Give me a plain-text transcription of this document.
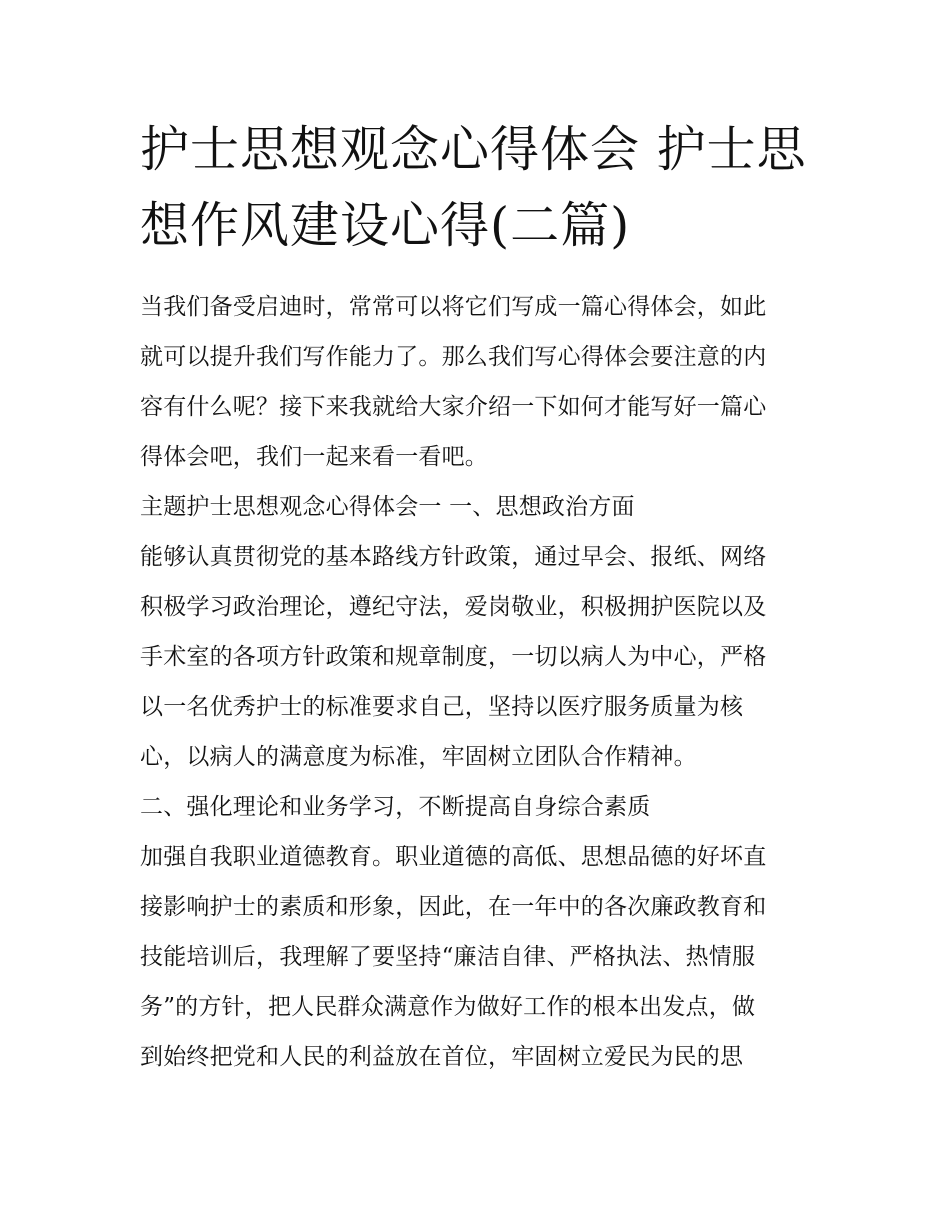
护士思想观念心得体会 护士思
想作风建设心得(二篇)

当我们备受启迪时，常常可以将它们写成一篇心得体会，如此
就可以提升我们写作能力了。那么我们写心得体会要注意的内
容有什么呢？接下来我就给大家介绍一下如何才能写好一篇心
得体会吧，我们一起来看一看吧。

主题护士思想观念心得体会一 一、思想政治方面

能够认真贯彻党的基本路线方针政策，通过早会、报纸、网络
积极学习政治理论，遵纪守法，爱岗敬业，积极拥护医院以及
手术室的各项方针政策和规章制度，一切以病人为中心，严格
以一名优秀护士的标准要求自己，坚持以医疗服务质量为核
心，以病人的满意度为标准，牢固树立团队合作精神。

二、强化理论和业务学习，不断提高自身综合素质

加强自我职业道德教育。职业道德的高低、思想品德的好坏直
接影响护士的素质和形象，因此，在一年中的各次廉政教育和
技能培训后，我理解了要坚持“廉洁自律、严格执法、热情服
务”的方针，把人民群众满意作为做好工作的根本出发点，做
到始终把党和人民的利益放在首位，牢固树立爱民为民的思
